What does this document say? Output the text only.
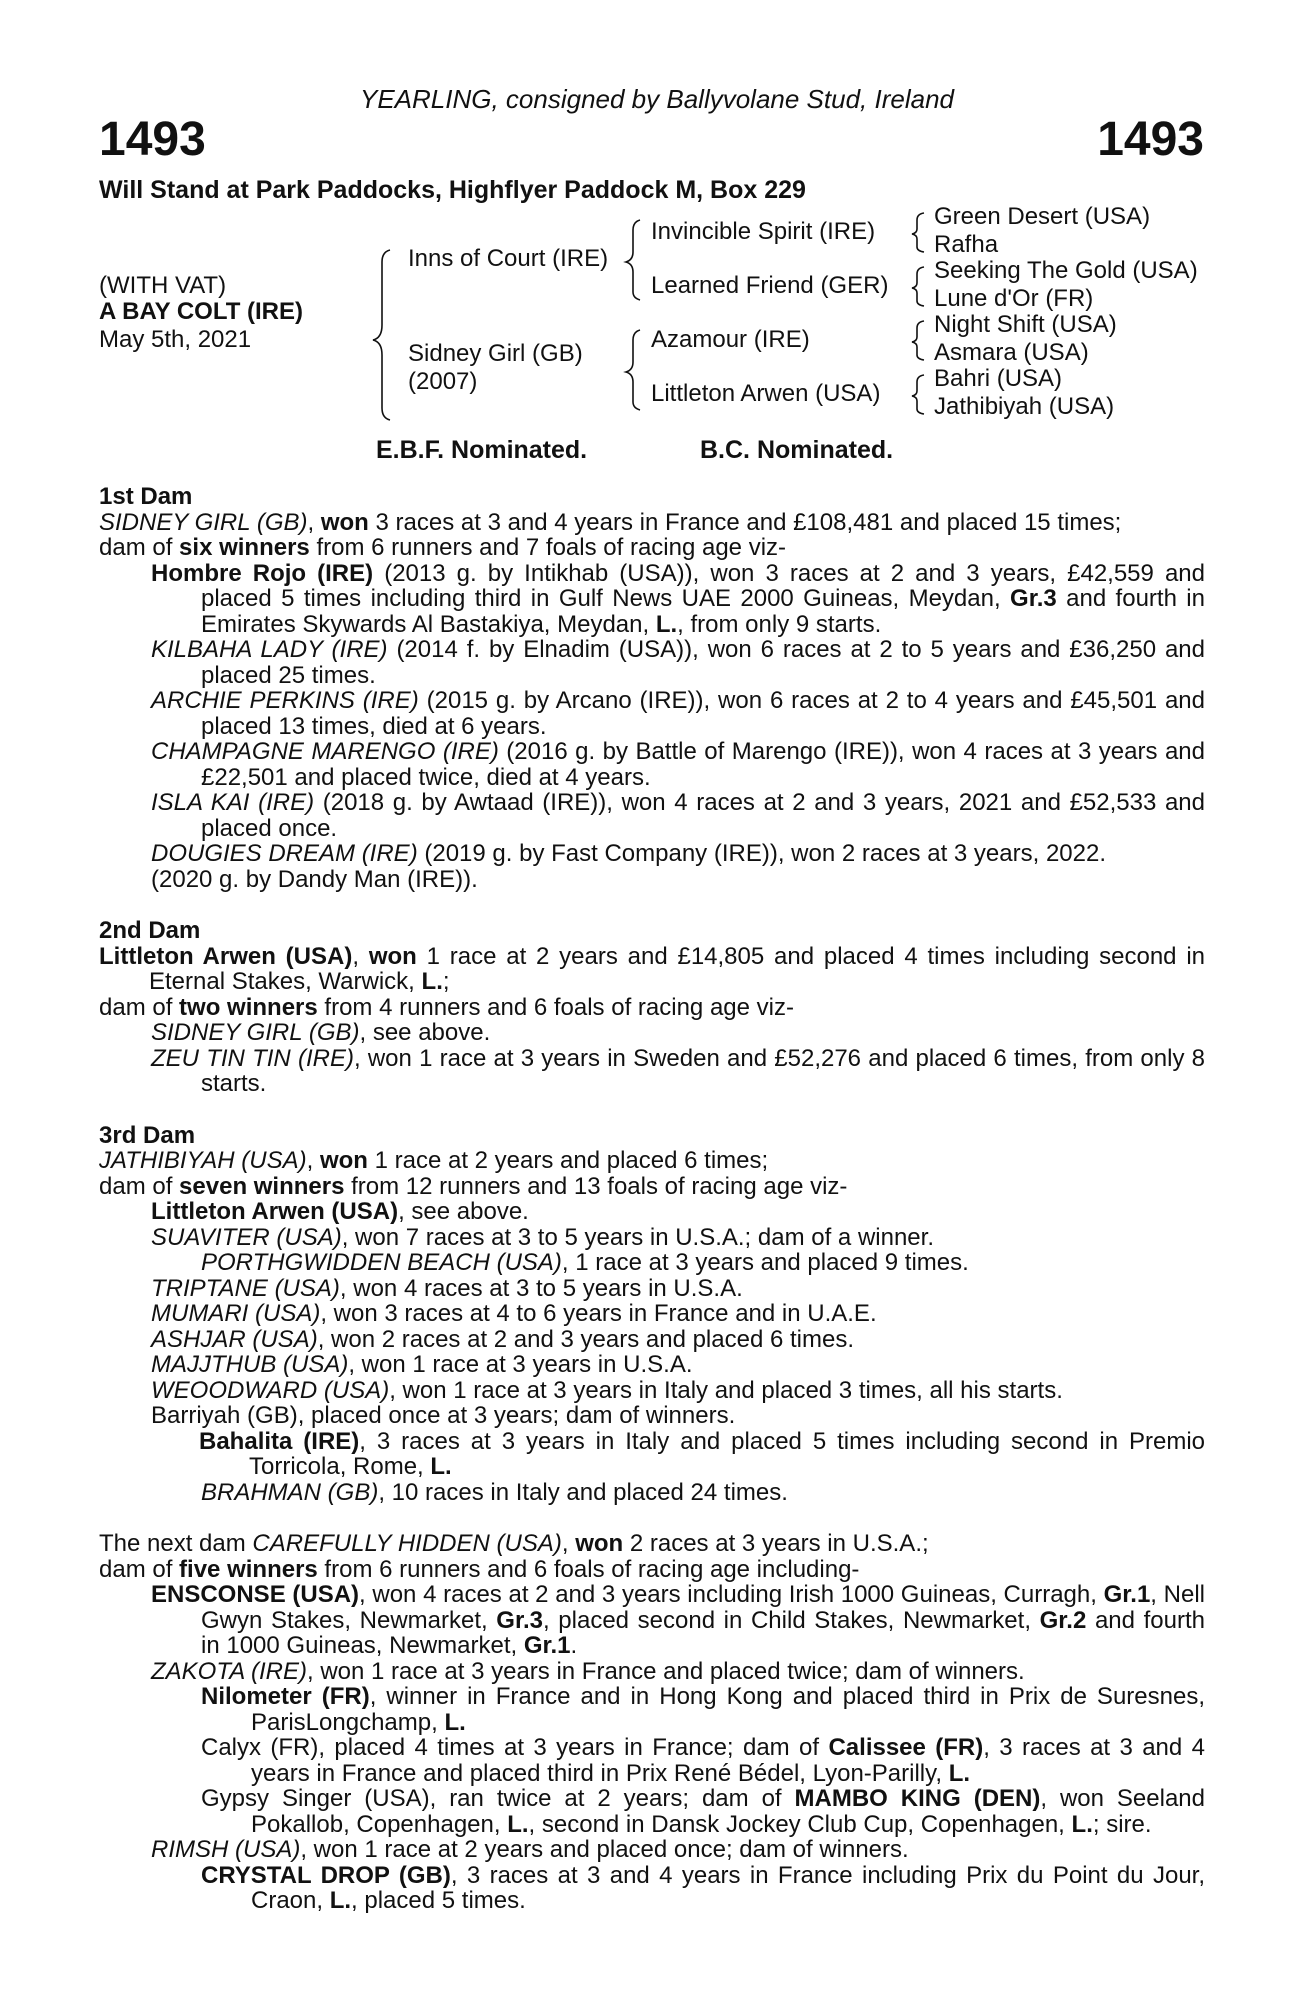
YEARLING, consigned by Ballyvolane Stud, Ireland
1493	1493
Will Stand at Park Paddocks, Highflyer Paddock M, Box 229
(WITH VAT)
A BAY COLT (IRE)
May 5th, 2021
Inns of Court (IRE)
Sidney Girl (GB)
(2007)
Invincible Spirit (IRE)
Learned Friend (GER)
Azamour (IRE)
Littleton Arwen (USA)
Green Desert (USA)
Rafha
Seeking The Gold (USA)
Lune d'Or (FR)
Night Shift (USA)
Asmara (USA)
Bahri (USA)
Jathibiyah (USA)
E.B.F. Nominated.	B.C. Nominated.

1st Dam

SIDNEY GIRL (GB), won 3 races at 3 and 4 years in France and £108,481 and placed 15 times;

dam of six winners from 6 runners and 7 foals of racing age viz-

Hombre Rojo (IRE) (2013 g. by Intikhab (USA)), won 3 races at 2 and 3 years, £42,559 and placed 5 times including third in Gulf News UAE 2000 Guineas, Meydan, Gr.3 and fourth in Emirates Skywards Al Bastakiya, Meydan, L., from only 9 starts.

KILBAHA LADY (IRE) (2014 f. by Elnadim (USA)), won 6 races at 2 to 5 years and £36,250 and placed 25 times.

ARCHIE PERKINS (IRE) (2015 g. by Arcano (IRE)), won 6 races at 2 to 4 years and £45,501 and placed 13 times, died at 6 years.

CHAMPAGNE MARENGO (IRE) (2016 g. by Battle of Marengo (IRE)), won 4 races at 3 years and £22,501 and placed twice, died at 4 years.

ISLA KAI (IRE) (2018 g. by Awtaad (IRE)), won 4 races at 2 and 3 years, 2021 and £52,533 and placed once.

DOUGIES DREAM (IRE) (2019 g. by Fast Company (IRE)), won 2 races at 3 years, 2022.

(2020 g. by Dandy Man (IRE)).

2nd Dam

Littleton Arwen (USA), won 1 race at 2 years and £14,805 and placed 4 times including second in Eternal Stakes, Warwick, L.;

dam of two winners from 4 runners and 6 foals of racing age viz-

SIDNEY GIRL (GB), see above.

ZEU TIN TIN (IRE), won 1 race at 3 years in Sweden and £52,276 and placed 6 times, from only 8 starts.

3rd Dam

JATHIBIYAH (USA), won 1 race at 2 years and placed 6 times;

dam of seven winners from 12 runners and 13 foals of racing age viz-

Littleton Arwen (USA), see above.

SUAVITER (USA), won 7 races at 3 to 5 years in U.S.A.; dam of a winner.

PORTHGWIDDEN BEACH (USA), 1 race at 3 years and placed 9 times.

TRIPTANE (USA), won 4 races at 3 to 5 years in U.S.A.

MUMARI (USA), won 3 races at 4 to 6 years in France and in U.A.E.

ASHJAR (USA), won 2 races at 2 and 3 years and placed 6 times.

MAJJTHUB (USA), won 1 race at 3 years in U.S.A.

WEOODWARD (USA), won 1 race at 3 years in Italy and placed 3 times, all his starts.

Barriyah (GB), placed once at 3 years; dam of winners.

Bahalita (IRE), 3 races at 3 years in Italy and placed 5 times including second in Premio Torricola, Rome, L.

BRAHMAN (GB), 10 races in Italy and placed 24 times.

The next dam CAREFULLY HIDDEN (USA), won 2 races at 3 years in U.S.A.;

dam of five winners from 6 runners and 6 foals of racing age including-

ENSCONSE (USA), won 4 races at 2 and 3 years including Irish 1000 Guineas, Curragh, Gr.1, Nell Gwyn Stakes, Newmarket, Gr.3, placed second in Child Stakes, Newmarket, Gr.2 and fourth in 1000 Guineas, Newmarket, Gr.1.

ZAKOTA (IRE), won 1 race at 3 years in France and placed twice; dam of winners.

Nilometer (FR), winner in France and in Hong Kong and placed third in Prix de Suresnes, ParisLongchamp, L.

Calyx (FR), placed 4 times at 3 years in France; dam of Calissee (FR), 3 races at 3 and 4 years in France and placed third in Prix René Bédel, Lyon-Parilly, L.

Gypsy Singer (USA), ran twice at 2 years; dam of MAMBO KING (DEN), won Seeland Pokallob, Copenhagen, L., second in Dansk Jockey Club Cup, Copenhagen, L.; sire.

RIMSH (USA), won 1 race at 2 years and placed once; dam of winners.

CRYSTAL DROP (GB), 3 races at 3 and 4 years in France including Prix du Point du Jour, Craon, L., placed 5 times.
